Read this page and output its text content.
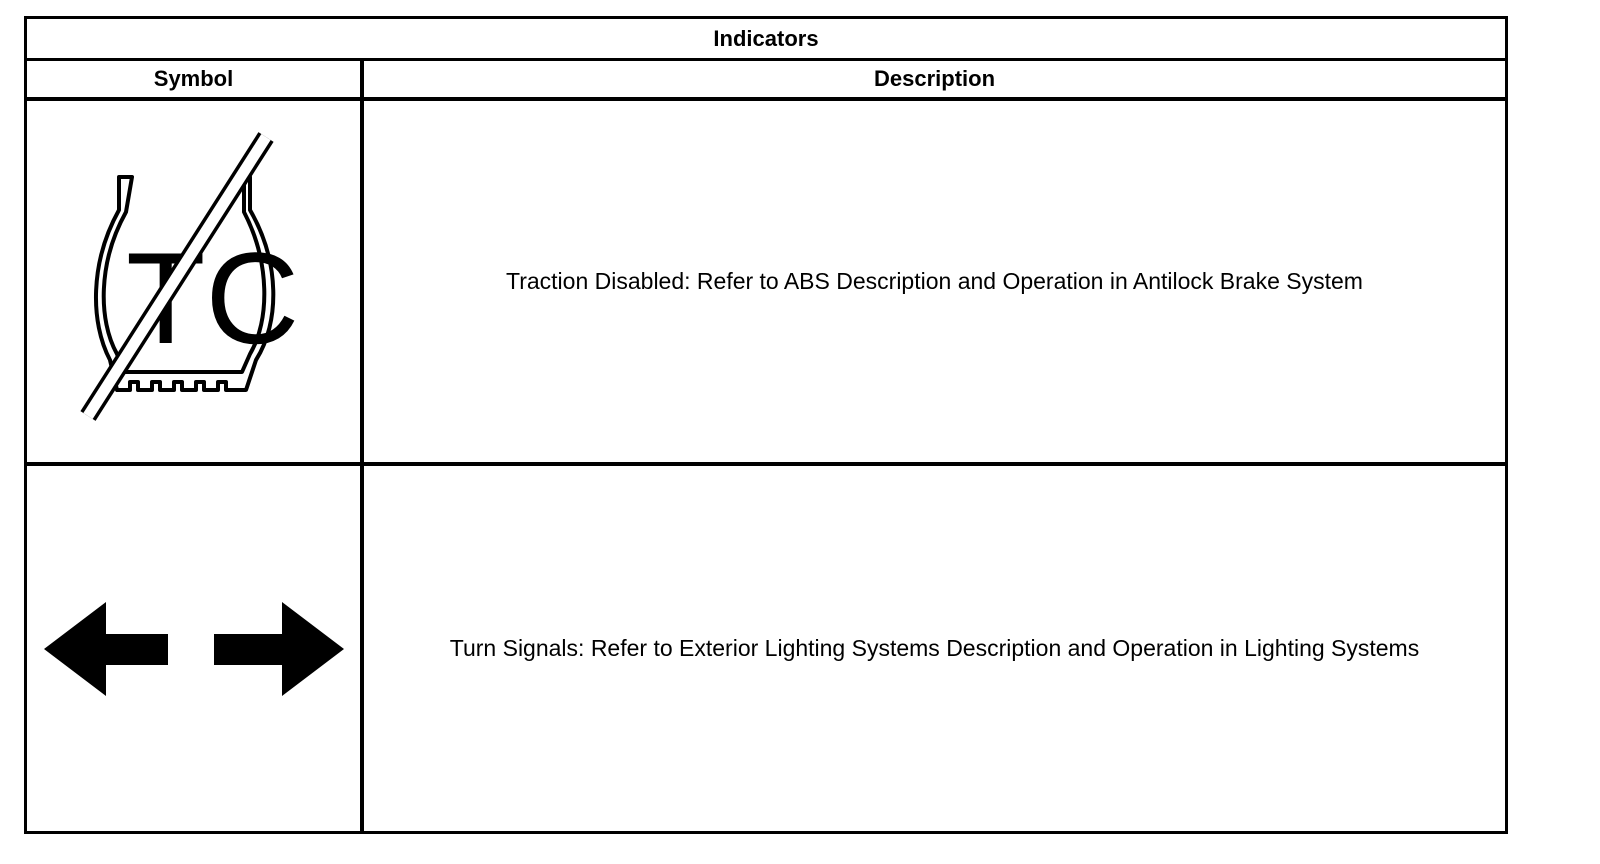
Indicators
Symbol	Description
TC	Traction Disabled: Refer to ABS Description and Operation in Antilock Brake System
Turn Signals: Refer to Exterior Lighting Systems Description and Operation in Lighting Systems
